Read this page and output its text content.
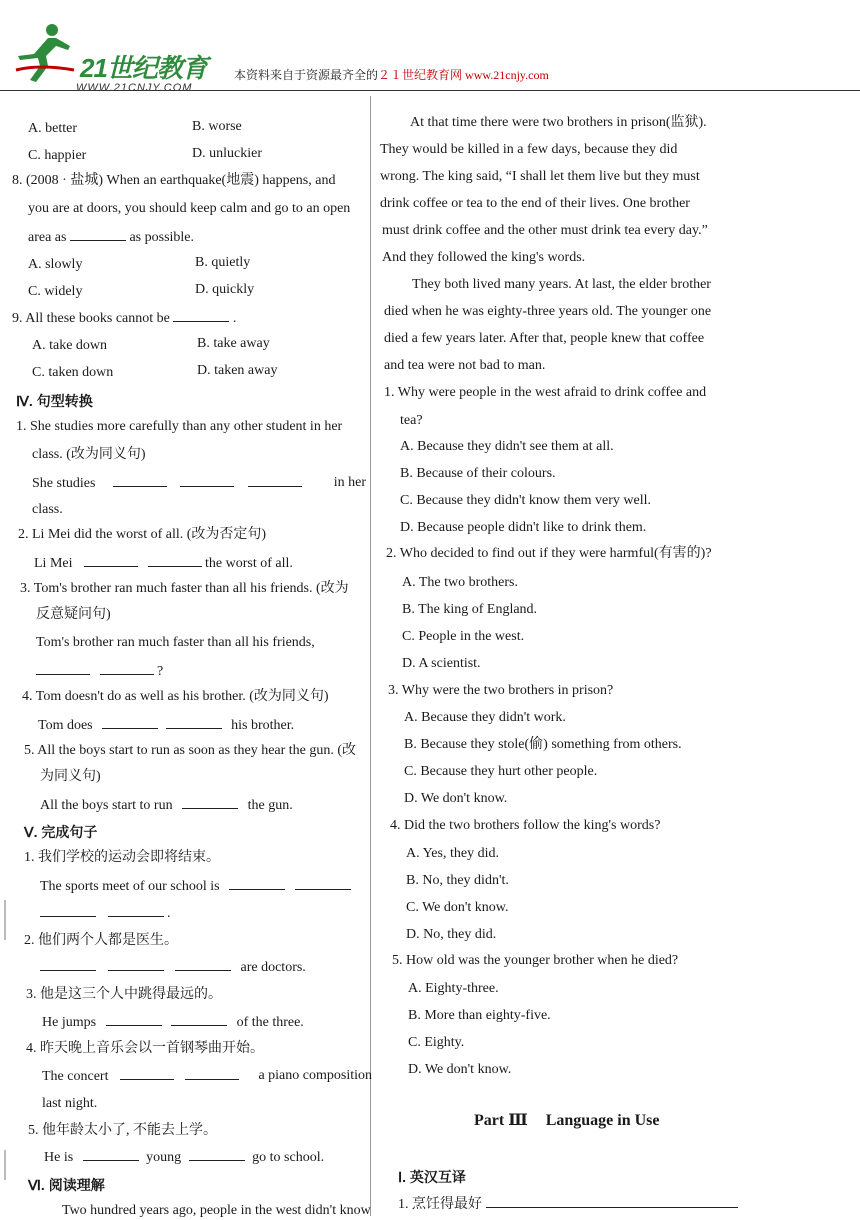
21世纪教育
WWW.21CNJY.COM
本资料来自于资源最齐全的２１世纪教育网 www.21cnjy.com
A. better	B. worse
C. happier	D. unluckier
8. (2008 · 盐城) When an earthquake(地震) happens, and
you are at doors, you should keep calm and go to an open
area as	as possible.
A. slowly	B. quietly
C. widely	D. quickly
9. All these books cannot be	.
A. take down	B. take away
C. taken down	D. taken away
Ⅳ. 句型转换
1. She studies more carefully than any other student in her
class. (改为同义句)
She studies	in her
class.
2. Li Mei did the worst of all. (改为否定句)
Li Mei	the worst of all.
3. Tom's brother ran much faster than all his friends. (改为
反意疑问句)
Tom's brother ran much faster than all his friends,
?
4. Tom doesn't do as well as his brother. (改为同义句)
Tom does	his brother.
5. All the boys start to run as soon as they hear the gun. (改
为同义句)
All the boys start to run	the gun.
Ⅴ. 完成句子
1. 我们学校的运动会即将结束。
The sports meet of our school is
.
2. 他们两个人都是医生。
are doctors.
3. 他是这三个人中跳得最远的。
He jumps	of the three.
4. 昨天晚上音乐会以一首钢琴曲开始。
The concert	a piano composition
last night.
5. 他年龄太小了, 不能去上学。
He is	young	go to school.
Ⅵ. 阅读理解
Two hundred years ago, people in the west didn't know
At that time there were two brothers in prison(监狱).
They would be killed in a few days, because they did
wrong. The king said, “I shall let them live but they must
drink coffee or tea to the end of their lives. One brother
must drink coffee and the other must drink tea every day.”
And they followed the king's words.
They both lived many years. At last, the elder brother
died when he was eighty-three years old. The younger one
died a few years later. After that, people knew that coffee
and tea were not bad to man.
1. Why were people in the west afraid to drink coffee and
tea?
A. Because they didn't see them at all.
B. Because of their colours.
C. Because they didn't know them very well.
D. Because people didn't like to drink them.
2. Who decided to find out if they were harmful(有害的)?
A. The two brothers.
B. The king of England.
C. People in the west.
D. A scientist.
3. Why were the two brothers in prison?
A. Because they didn't work.
B. Because they stole(偷) something from others.
C. Because they hurt other people.
D. We don't know.
4. Did the two brothers follow the king's words?
A. Yes, they did.
B. No, they didn't.
C. We don't know.
D. No, they did.
5. How old was the younger brother when he died?
A. Eighty-three.
B. More than eighty-five.
C. Eighty.
D. We don't know.
Part Ⅲ Language in Use
Ⅰ. 英汉互译
1. 烹饪得最好
